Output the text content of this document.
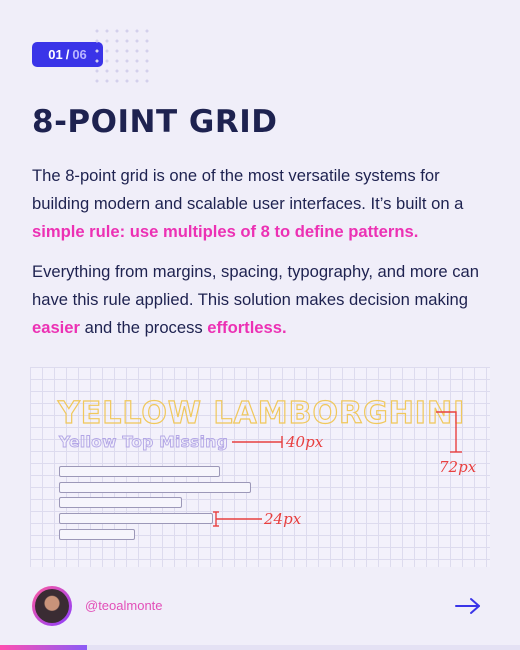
01 / 06
8-POINT GRID

The 8-point grid is one of the most versatile systems for building modern and scalable user interfaces. It’s built on a simple rule: use multiples of 8 to define patterns.

Everything from margins, spacing, typography, and more can have this rule applied. This solution makes decision making easier and the process effortless.

YELLOW LAMBORGHINI
Yellow Top Missing	40px
72px
24px
@teoalmonte
